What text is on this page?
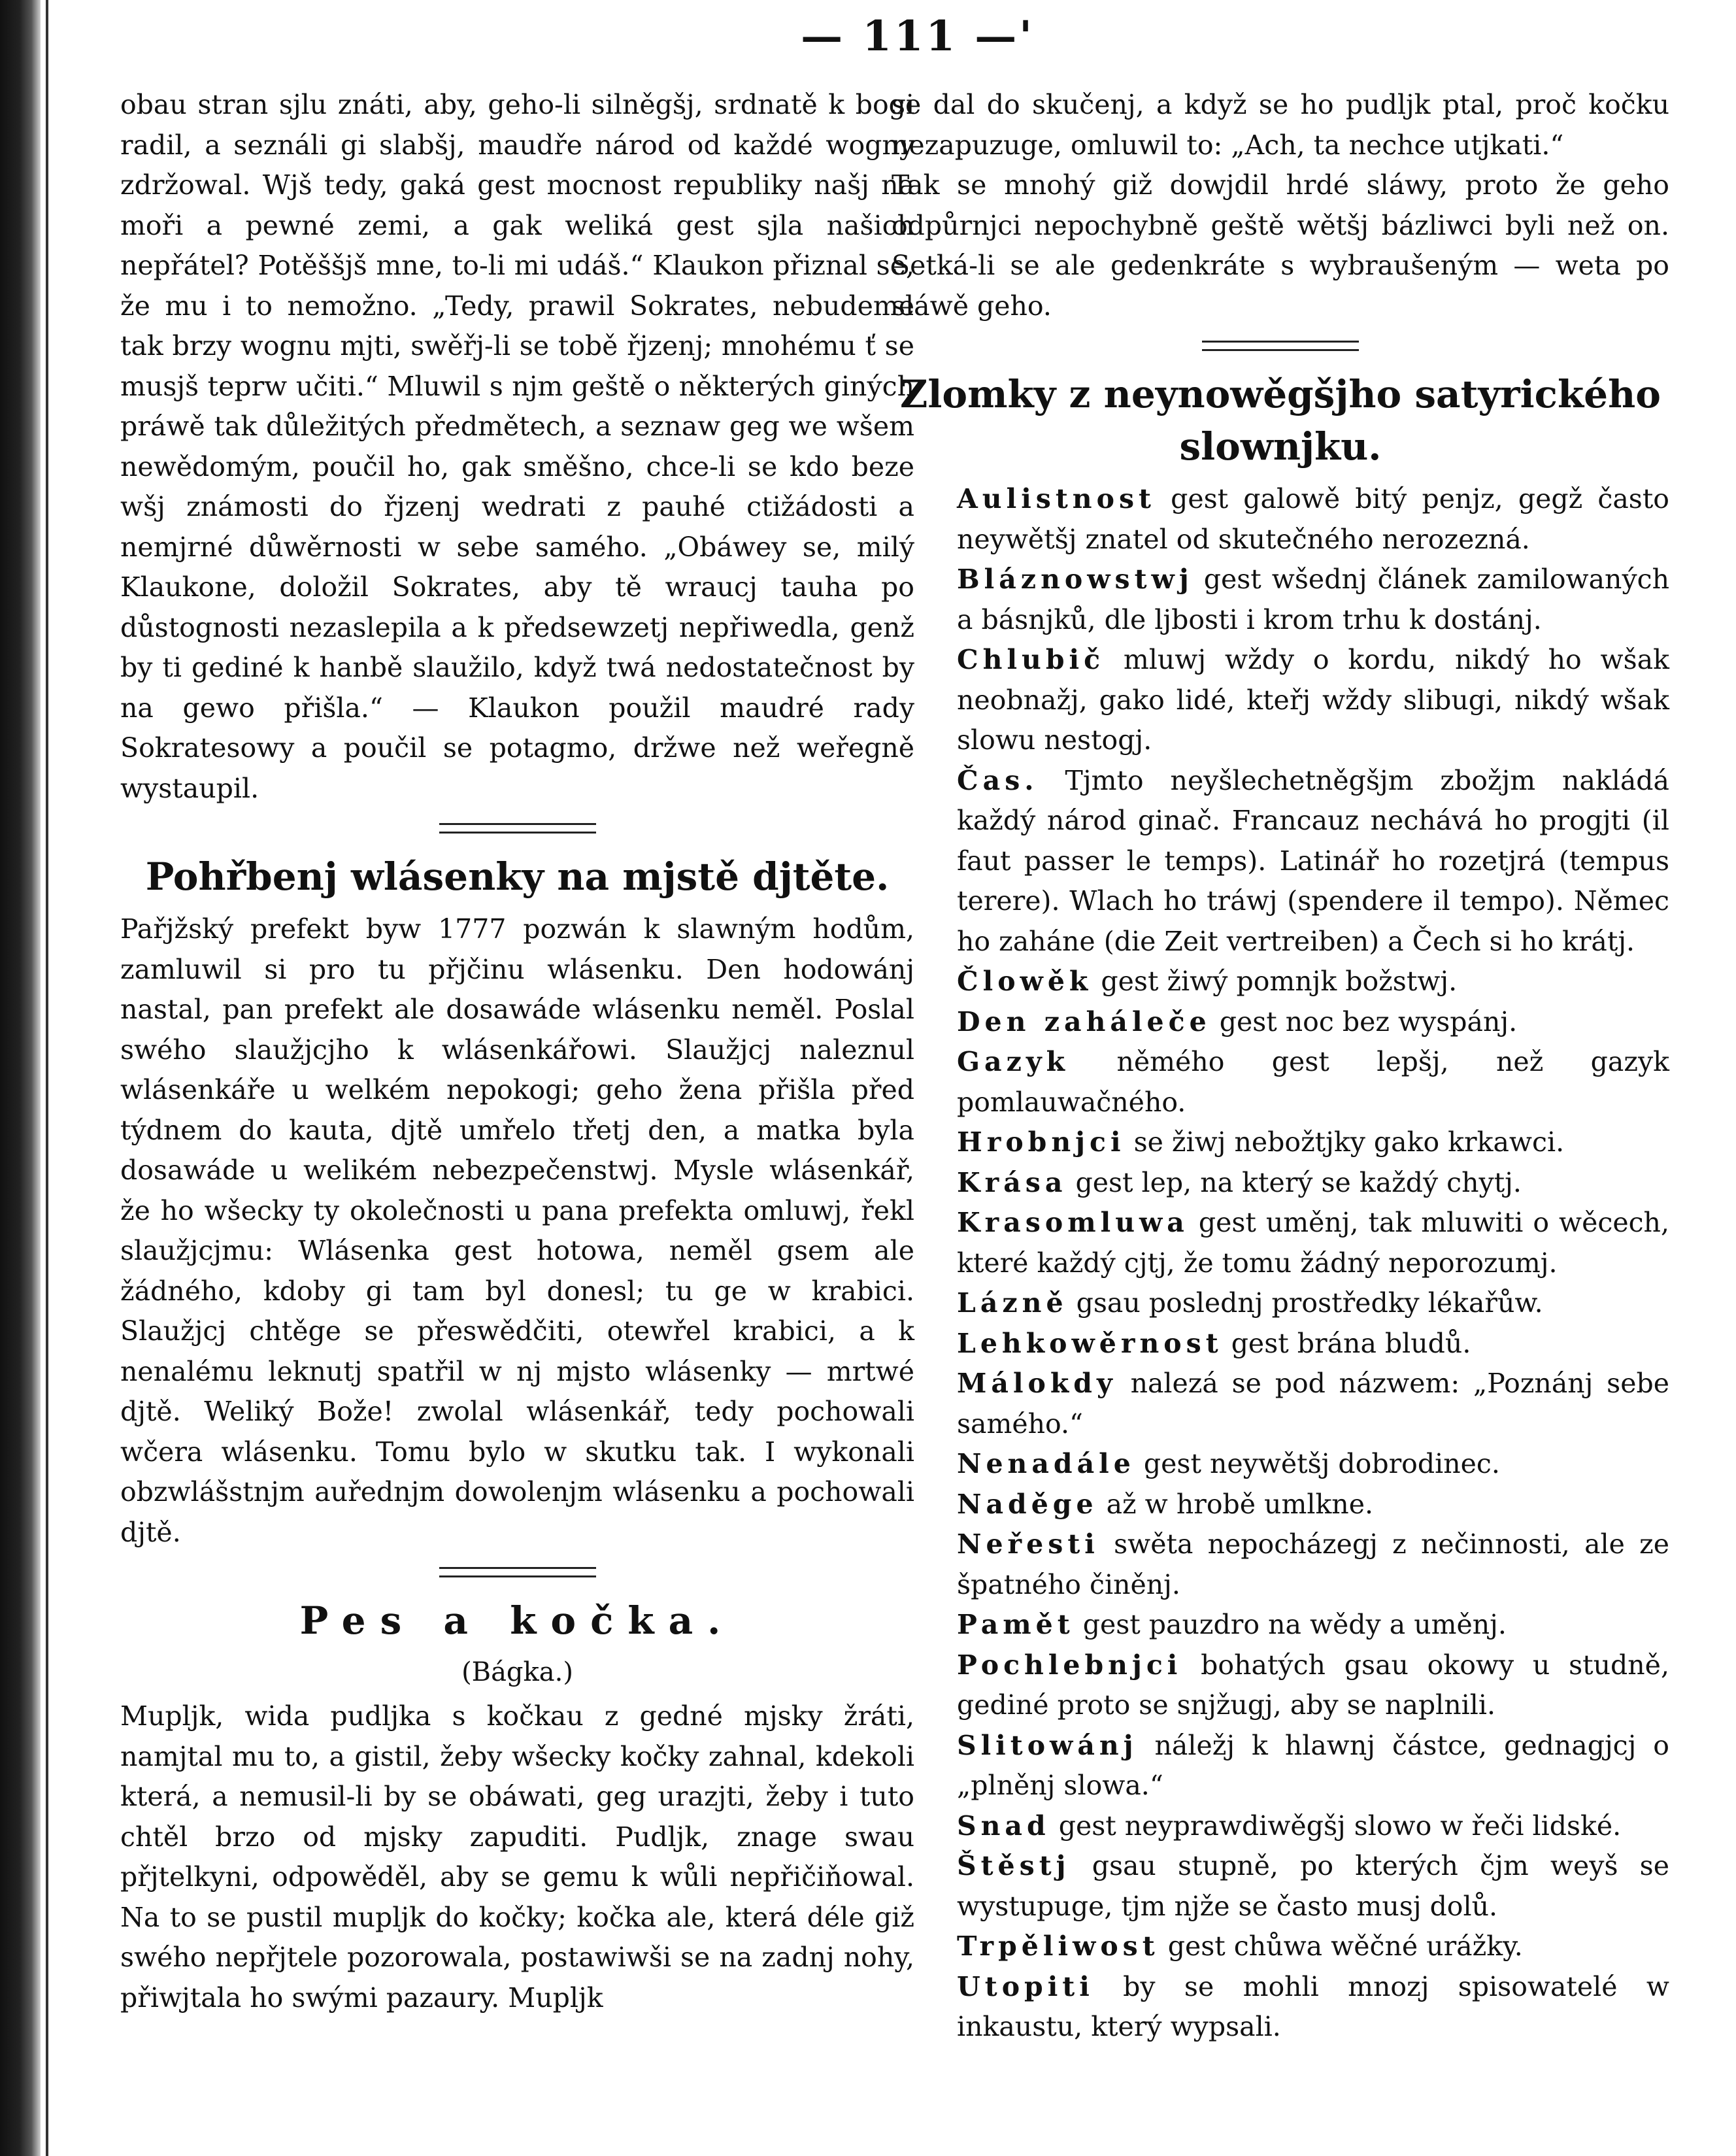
— 111 —'

obau stran sjlu znáti, aby, geho-li silněgšj, srdnatě k bogi radil, a seználi gi slabšj, maudře národ od každé wogny zdržowal. Wjš tedy, gaká gest mocnost republiky našj na moři a pewné zemi, a gak weliká gest sjla našich nepřátel? Potěššjš mne, to-li mi udáš.“ Klaukon přiznal se, že mu i to nemožno. „Tedy, prawil Sokrates, nebudeme tak brzy wognu mjti, swěřj-li se tobě řjzenj; mnohému ť se musjš teprw učiti.“ Mluwil s njm geště o některých giných práwě tak důležitých předmětech, a seznaw geg we wšem newědomým, poučil ho, gak směšno, chce-li se kdo beze wšj známosti do řjzenj wedrati z pauhé ctižádosti a nemjrné důwěrnosti w sebe samého. „Obáwey se, milý Klaukone, doložil Sokrates, aby tě wraucj tauha po důstognosti nezaslepila a k předsewzetj nepřiwedla, genž by ti gediné k hanbě slaužilo, když twá nedostatečnost by na gewo přišla.“ — Klaukon použil maudré rady Sokratesowy a poučil se potagmo, držwe než weřegně wystaupil.

Pohřbenj wlásenky na mjstě djtěte.

Pařjžský prefekt byw 1777 pozwán k slawným hodům, zamluwil si pro tu přjčinu wlásenku. Den hodowánj nastal, pan prefekt ale dosawáde wlásenku neměl. Poslal swého slaužjcjho k wlásenkářowi. Slaužjcj naleznul wlásenkáře u welkém nepokogi; geho žena přišla před týdnem do kauta, djtě umřelo třetj den, a matka byla dosawáde u welikém nebezpečenstwj. Mysle wlásenkář, že ho wšecky ty okolečnosti u pana prefekta omluwj, řekl slaužjcjmu: Wlásenka gest hotowa, neměl gsem ale žádného, kdoby gi tam byl donesl; tu ge w krabici. Slaužjcj chtěge se přeswědčiti, otewřel krabici, a k nenalému leknutj spatřil w nj mjsto wlásenky — mrtwé djtě. Weliký Bože! zwolal wlásenkář, tedy pochowali wčera wlásenku. Tomu bylo w skutku tak. I wykonali obzwlášstnjm auřednjm dowolenjm wlásenku a pochowali djtě.

Pes a kočka.
(Bágka.)

Mupljk, wida pudljka s kočkau z gedné mjsky žráti, namjtal mu to, a gistil, žeby wšecky kočky zahnal, kdekoli která, a nemusil-li by se obáwati, geg urazjti, žeby i tuto chtěl brzo od mjsky zapuditi. Pudljk, znage swau přjtelkyni, odpowěděl, aby se gemu k wůli nepřičiňowal. Na to se pustil mupljk do kočky; kočka ale, která déle giž swého nepřjtele pozorowala, postawiwši se na zadnj nohy, přiwjtala ho swými pazaury. Mupljk

se dal do skučenj, a když se ho pudljk ptal, proč kočku nezapuzuge, omluwil to: „Ach, ta nechce utjkati.“

Tak se mnohý giž dowjdil hrdé sláwy, proto že geho odpůrnjci nepochybně geště wětšj bázliwci byli než on. Setká-li se ale gedenkráte s wybraušeným — weta po sláwě geho.

Zlomky z neynowěgšjho satyrického slownjku.

Aulistnost gest galowě bitý penjz, gegž často neywětšj znatel od skutečného nerozezná.

Bláznowstwj gest wšednj článek zamilowaných a básnjků, dle ljbosti i krom trhu k dostánj.

Chlubič mluwj wždy o kordu, nikdý ho wšak neobnažj, gako lidé, kteřj wždy slibugi, nikdý wšak slowu nestogj.

Čas. Tjmto neyšlechetněgšjm zbožjm nakládá každý národ ginač. Francauz nechává ho progjti (il faut passer le temps). Latinář ho rozetjrá (tempus terere). Wlach ho tráwj (spendere il tempo). Němec ho zaháne (die Zeit vertreiben) a Čech si ho krátj.

Člowěk gest žiwý pomnjk božstwj.

Den zaháleče gest noc bez wyspánj.

Gazyk němého gest lepšj, než gazyk pomlauwačného.

Hrobnjci se žiwj nebožtjky gako krkawci.

Krása gest lep, na který se každý chytj.

Krasomluwa gest uměnj, tak mluwiti o wěcech, které každý cjtj, že tomu žádný neporozumj.

Lázně gsau poslednj prostředky lékařůw.

Lehkowěrnost gest brána bludů.

Málokdy nalezá se pod názwem: „Poznánj sebe samého.“

Nenadále gest neywětšj dobrodinec.

Naděge až w hrobě umlkne.

Neřesti swěta nepocházegj z nečinnosti, ale ze špatného činěnj.

Pamět gest pauzdro na wědy a uměnj.

Pochlebnjci bohatých gsau okowy u studně, gediné proto se snjžugj, aby se naplnili.

Slitowánj náležj k hlawnj částce, gednagjcj o „plněnj slowa.“

Snad gest neyprawdiwěgšj slowo w řeči lidské.

Štěstj gsau stupně, po kterých čjm weyš se wystupuge, tjm njže se často musj dolů.

Trpěliwost gest chůwa wěčné urážky.

Utopiti by se mohli mnozj spisowatelé w inkaustu, který wypsali.
